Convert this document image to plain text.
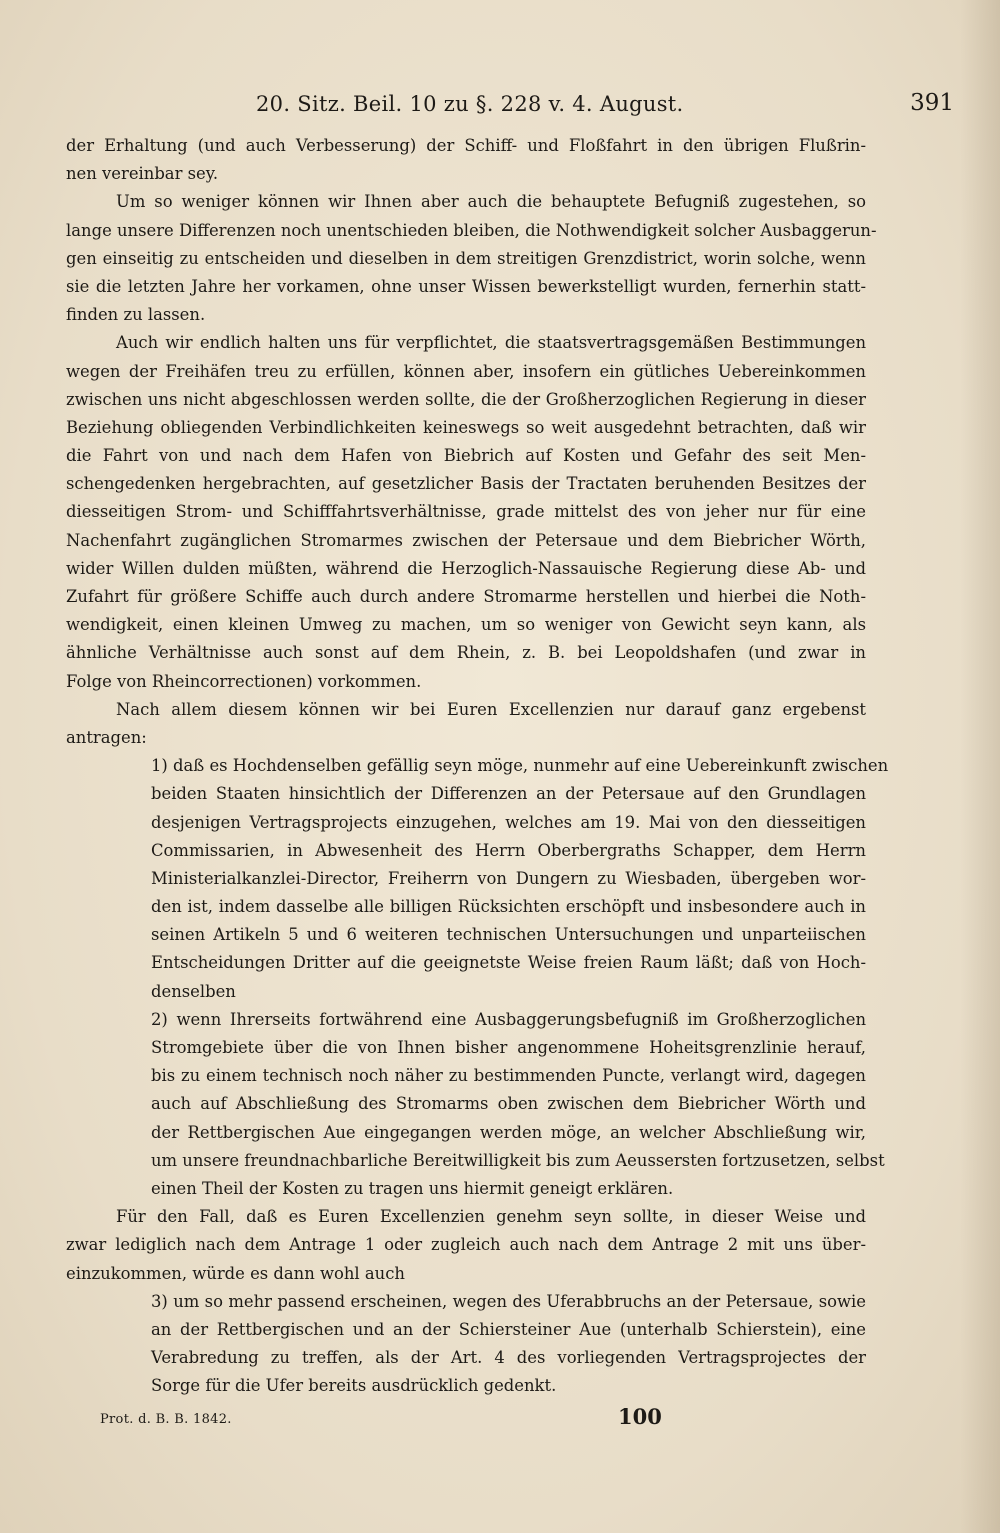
20. Sitz. Beil. 10 zu §. 228 v. 4. August.	391
der Erhaltung (und auch Verbesserung) der Schiff- und Floßfahrt in den übrigen Flußrin-
nen vereinbar sey.
Um so weniger können wir Ihnen aber auch die behauptete Befugniß zugestehen, so
lange unsere Differenzen noch unentschieden bleiben, die Nothwendigkeit solcher Ausbaggerun-
gen einseitig zu entscheiden und dieselben in dem streitigen Grenzdistrict, worin solche, wenn
sie die letzten Jahre her vorkamen, ohne unser Wissen bewerkstelligt wurden, fernerhin statt-
finden zu lassen.
Auch wir endlich halten uns für verpflichtet, die staatsvertragsgemäßen Bestimmungen
wegen der Freihäfen treu zu erfüllen, können aber, insofern ein gütliches Uebereinkommen
zwischen uns nicht abgeschlossen werden sollte, die der Großherzoglichen Regierung in dieser
Beziehung obliegenden Verbindlichkeiten keineswegs so weit ausgedehnt betrachten, daß wir
die Fahrt von und nach dem Hafen von Biebrich auf Kosten und Gefahr des seit Men-
schengedenken hergebrachten, auf gesetzlicher Basis der Tractaten beruhenden Besitzes der
diesseitigen Strom- und Schifffahrtsverhältnisse, grade mittelst des von jeher nur für eine
Nachenfahrt zugänglichen Stromarmes zwischen der Petersaue und dem Biebricher Wörth,
wider Willen dulden müßten, während die Herzoglich-Nassauische Regierung diese Ab- und
Zufahrt für größere Schiffe auch durch andere Stromarme herstellen und hierbei die Noth-
wendigkeit, einen kleinen Umweg zu machen, um so weniger von Gewicht seyn kann, als
ähnliche Verhältnisse auch sonst auf dem Rhein, z. B. bei Leopoldshafen (und zwar in
Folge von Rheincorrectionen) vorkommen.
Nach allem diesem können wir bei Euren Excellenzien nur darauf ganz ergebenst
antragen:
1) daß es Hochdenselben gefällig seyn möge, nunmehr auf eine Uebereinkunft zwischen
beiden Staaten hinsichtlich der Differenzen an der Petersaue auf den Grundlagen
desjenigen Vertragsprojects einzugehen, welches am 19. Mai von den diesseitigen
Commissarien, in Abwesenheit des Herrn Oberbergraths Schapper, dem Herrn
Ministerialkanzlei-Director, Freiherrn von Dungern zu Wiesbaden, übergeben wor-
den ist, indem dasselbe alle billigen Rücksichten erschöpft und insbesondere auch in
seinen Artikeln 5 und 6 weiteren technischen Untersuchungen und unparteiischen
Entscheidungen Dritter auf die geeignetste Weise freien Raum läßt; daß von Hoch-
denselben
2) wenn Ihrerseits fortwährend eine Ausbaggerungsbefugniß im Großherzoglichen
Stromgebiete über die von Ihnen bisher angenommene Hoheitsgrenzlinie herauf,
bis zu einem technisch noch näher zu bestimmenden Puncte, verlangt wird, dagegen
auch auf Abschließung des Stromarms oben zwischen dem Biebricher Wörth und
der Rettbergischen Aue eingegangen werden möge, an welcher Abschließung wir,
um unsere freundnachbarliche Bereitwilligkeit bis zum Aeussersten fortzusetzen, selbst
einen Theil der Kosten zu tragen uns hiermit geneigt erklären.
Für den Fall, daß es Euren Excellenzien genehm seyn sollte, in dieser Weise und
zwar lediglich nach dem Antrage 1 oder zugleich auch nach dem Antrage 2 mit uns über-
einzukommen, würde es dann wohl auch
3) um so mehr passend erscheinen, wegen des Uferabbruchs an der Petersaue, sowie
an der Rettbergischen und an der Schiersteiner Aue (unterhalb Schierstein), eine
Verabredung zu treffen, als der Art. 4 des vorliegenden Vertragsprojectes der
Sorge für die Ufer bereits ausdrücklich gedenkt.
Prot. d. B. B. 1842.	100
